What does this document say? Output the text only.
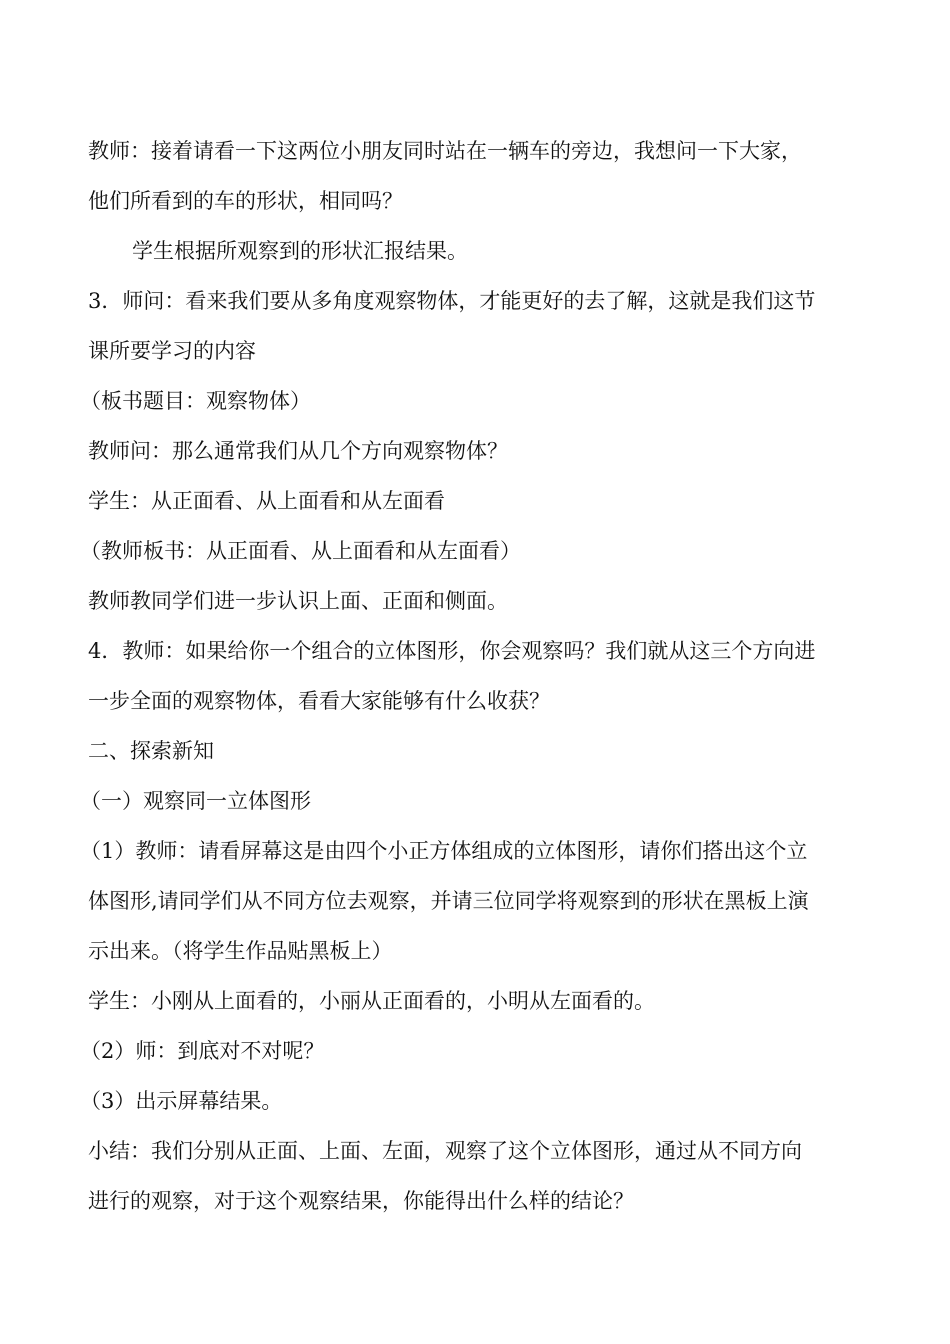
教师：接着请看一下这两位小朋友同时站在一辆车的旁边，我想问一下大家，
他们所看到的车的形状，相同吗？
学生根据所观察到的形状汇报结果。
3．师问：看来我们要从多角度观察物体，才能更好的去了解，这就是我们这节
课所要学习的内容
（板书题目：观察物体）
教师问：那么通常我们从几个方向观察物体？
学生：从正面看、从上面看和从左面看
（教师板书：从正面看、从上面看和从左面看）
教师教同学们进一步认识上面、正面和侧面。
4．教师：如果给你一个组合的立体图形，你会观察吗？我们就从这三个方向进
一步全面的观察物体，看看大家能够有什么收获？
二、探索新知
（一）观察同一立体图形
（1）教师：请看屏幕这是由四个小正方体组成的立体图形，请你们搭出这个立
体图形,请同学们从不同方位去观察，并请三位同学将观察到的形状在黑板上演
示出来。（将学生作品贴黑板上）
学生：小刚从上面看的，小丽从正面看的，小明从左面看的。
（2）师：到底对不对呢？
（3）出示屏幕结果。
小结：我们分别从正面、上面、左面，观察了这个立体图形，通过从不同方向
进行的观察，对于这个观察结果，你能得出什么样的结论？
